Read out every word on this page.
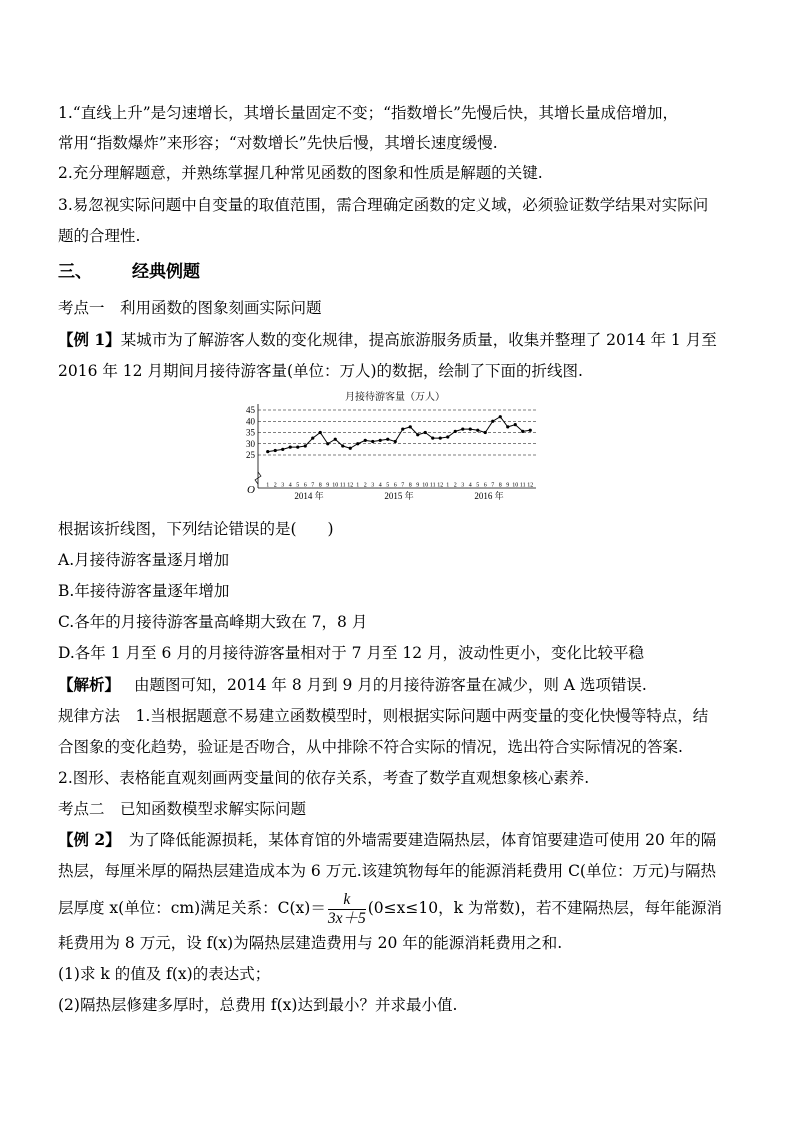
1.“直线上升”是匀速增长，其增长量固定不变；“指数增长”先慢后快，其增长量成倍增加，
常用“指数爆炸”来形容；“对数增长”先快后慢，其增长速度缓慢.
2.充分理解题意，并熟练掌握几种常见函数的图象和性质是解题的关键.
3.易忽视实际问题中自变量的取值范围，需合理确定函数的定义域，必须验证数学结果对实际问
题的合理性.
三、 经典例题
考点一　利用函数的图象刻画实际问题
【例 1】某城市为了解游客人数的变化规律，提高旅游服务质量，收集并整理了 2014 年 1 月至
2016 年 12 月期间月接待游客量(单位：万人)的数据，绘制了下面的折线图.
月接待游客量（万人）
25
30
35
40
45
1 2 3 4 5 6 7 8 9 10 11 12 1 2 3 4 5 6 7 8 9 10 11 12 1 2 3 4 5 6 7 8 9 10 11 12
2014 年	2015 年	2016 年
O
根据该折线图，下列结论错误的是(　　)
A.月接待游客量逐月增加
B.年接待游客量逐年增加
C.各年的月接待游客量高峰期大致在 7，8 月
D.各年 1 月至 6 月的月接待游客量相对于 7 月至 12 月，波动性更小，变化比较平稳
【解析】 由题图可知，2014 年 8 月到 9 月的月接待游客量在减少，则 A 选项错误.
规律方法　1.当根据题意不易建立函数模型时，则根据实际问题中两变量的变化快慢等特点，结
合图象的变化趋势，验证是否吻合，从中排除不符合实际的情况，选出符合实际情况的答案.
2.图形、表格能直观刻画两变量间的依存关系，考查了数学直观想象核心素养.
考点二　已知函数模型求解实际问题
【例 2】 为了降低能源损耗，某体育馆的外墙需要建造隔热层，体育馆要建造可使用 20 年的隔
热层，每厘米厚的隔热层建造成本为 6 万元.该建筑物每年的能源消耗费用 C(单位：万元)与隔热
层厚度 x(单位：cm)满足关系：$C(x)= \frac{k}{3x+5} (0\le x\le 10$，k 为常数)，若不建隔热层，每年能源消
耗费用为 8 万元，设 f(x)为隔热层建造费用与 20 年的能源消耗费用之和.
(1)求 k 的值及 f(x)的表达式；
(2)隔热层修建多厚时，总费用 f(x)达到最小？并求最小值.
